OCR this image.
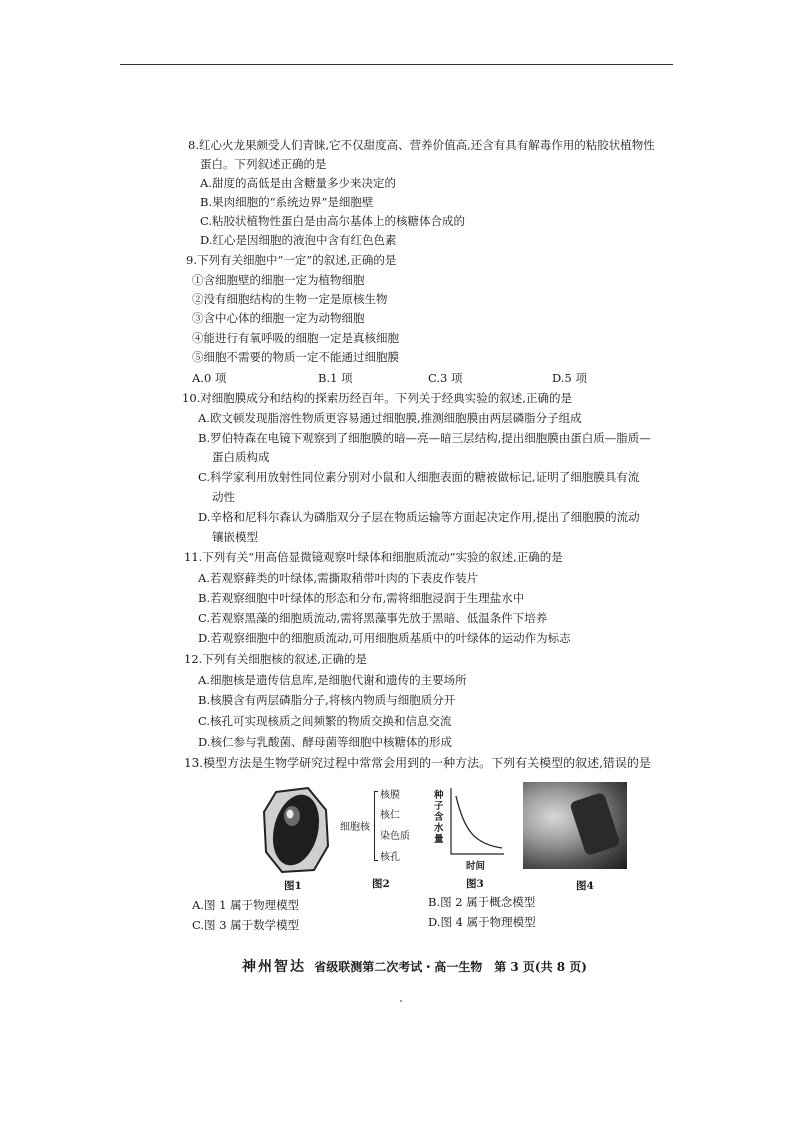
8.红心火龙果颇受人们青睐,它不仅甜度高、营养价值高,还含有具有解毒作用的粘胶状植物性
蛋白。下列叙述正确的是
A.甜度的高低是由含糖量多少来决定的
B.果肉细胞的“系统边界”是细胞壁
C.粘胶状植物性蛋白是由高尔基体上的核糖体合成的
D.红心是因细胞的液泡中含有红色色素
9.下列有关细胞中“一定”的叙述,正确的是
①含细胞壁的细胞一定为植物细胞
②没有细胞结构的生物一定是原核生物
③含中心体的细胞一定为动物细胞
④能进行有氧呼吸的细胞一定是真核细胞
⑤细胞不需要的物质一定不能通过细胞膜
A.0 项	B.1 项	C.3 项	D.5 项
10.对细胞膜成分和结构的探索历经百年。下列关于经典实验的叙述,正确的是
A.欧文顿发现脂溶性物质更容易通过细胞膜,推测细胞膜由两层磷脂分子组成
B.罗伯特森在电镜下观察到了细胞膜的暗—亮—暗三层结构,提出细胞膜由蛋白质—脂质—
蛋白质构成
C.科学家利用放射性同位素分别对小鼠和人细胞表面的糖被做标记,证明了细胞膜具有流
动性
D.辛格和尼科尔森认为磷脂双分子层在物质运输等方面起决定作用,提出了细胞膜的流动
镶嵌模型
11.下列有关“用高倍显微镜观察叶绿体和细胞质流动”实验的叙述,正确的是
A.若观察藓类的叶绿体,需撕取稍带叶肉的下表皮作装片
B.若观察细胞中叶绿体的形态和分布,需将细胞浸润于生理盐水中
C.若观察黑藻的细胞质流动,需将黑藻事先放于黑暗、低温条件下培养
D.若观察细胞中的细胞质流动,可用细胞质基质中的叶绿体的运动作为标志
12.下列有关细胞核的叙述,正确的是
A.细胞核是遗传信息库,是细胞代谢和遗传的主要场所
B.核膜含有两层磷脂分子,将核内物质与细胞质分开
C.核孔可实现核质之间频繁的物质交换和信息交流
D.核仁参与乳酸菌、酵母菌等细胞中核糖体的形成
13.模型方法是生物学研究过程中常常会用到的一种方法。下列有关模型的叙述,错误的是
细胞核
核膜
核仁
染色质
核孔
种子含水量
时间
图1	图2	图3	图4
A.图 1 属于物理模型	B.图 2 属于概念模型
C.图 3 属于数学模型	D.图 4 属于物理模型
神州智达 省级联测第二次考试・高一生物　第 3 页(共 8 页)
